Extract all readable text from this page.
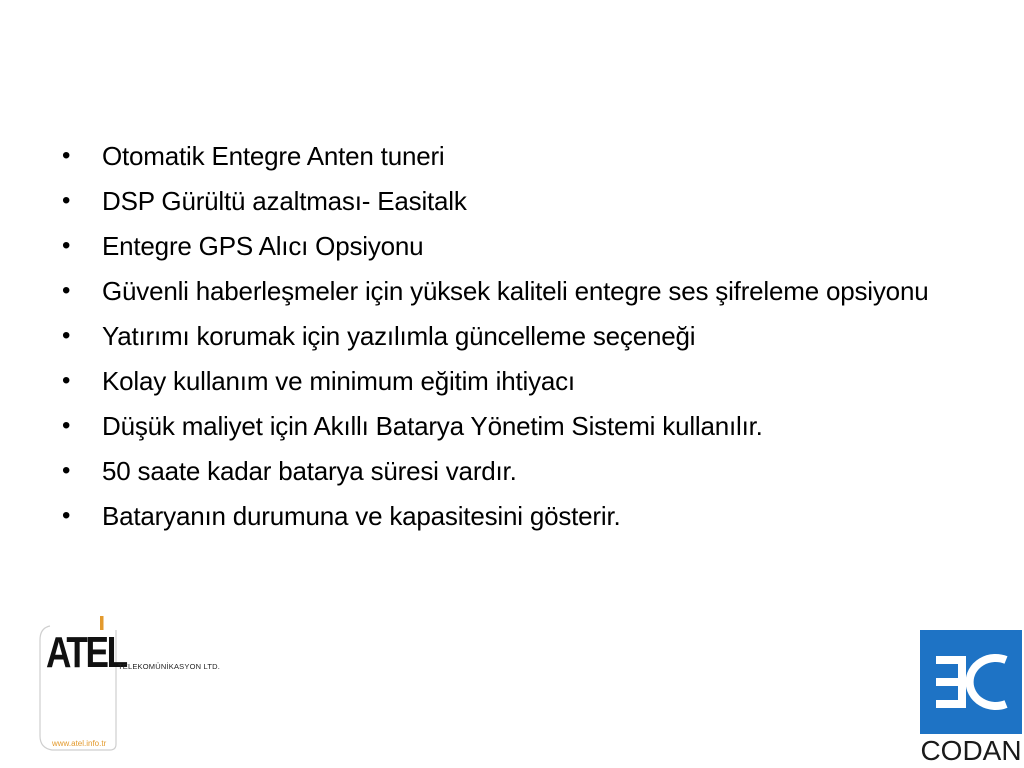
• Otomatik Entegre Anten tuneri
• DSP Gürültü azaltması- Easitalk
• Entegre GPS Alıcı Opsiyonu
• Güvenli haberleşmeler için yüksek kaliteli entegre ses şifreleme opsiyonu
• Yatırımı korumak için yazılımla güncelleme seçeneği
• Kolay kullanım ve minimum eğitim ihtiyacı
• Düşük maliyet için Akıllı Batarya Yönetim Sistemi kullanılır.
• 50 saate kadar batarya süresi vardır.
• Bataryanın durumuna ve kapasitesini gösterir.
ATEL
TELEKOMÜNİKASYON LTD.
www.atel.info.tr	CODAN
